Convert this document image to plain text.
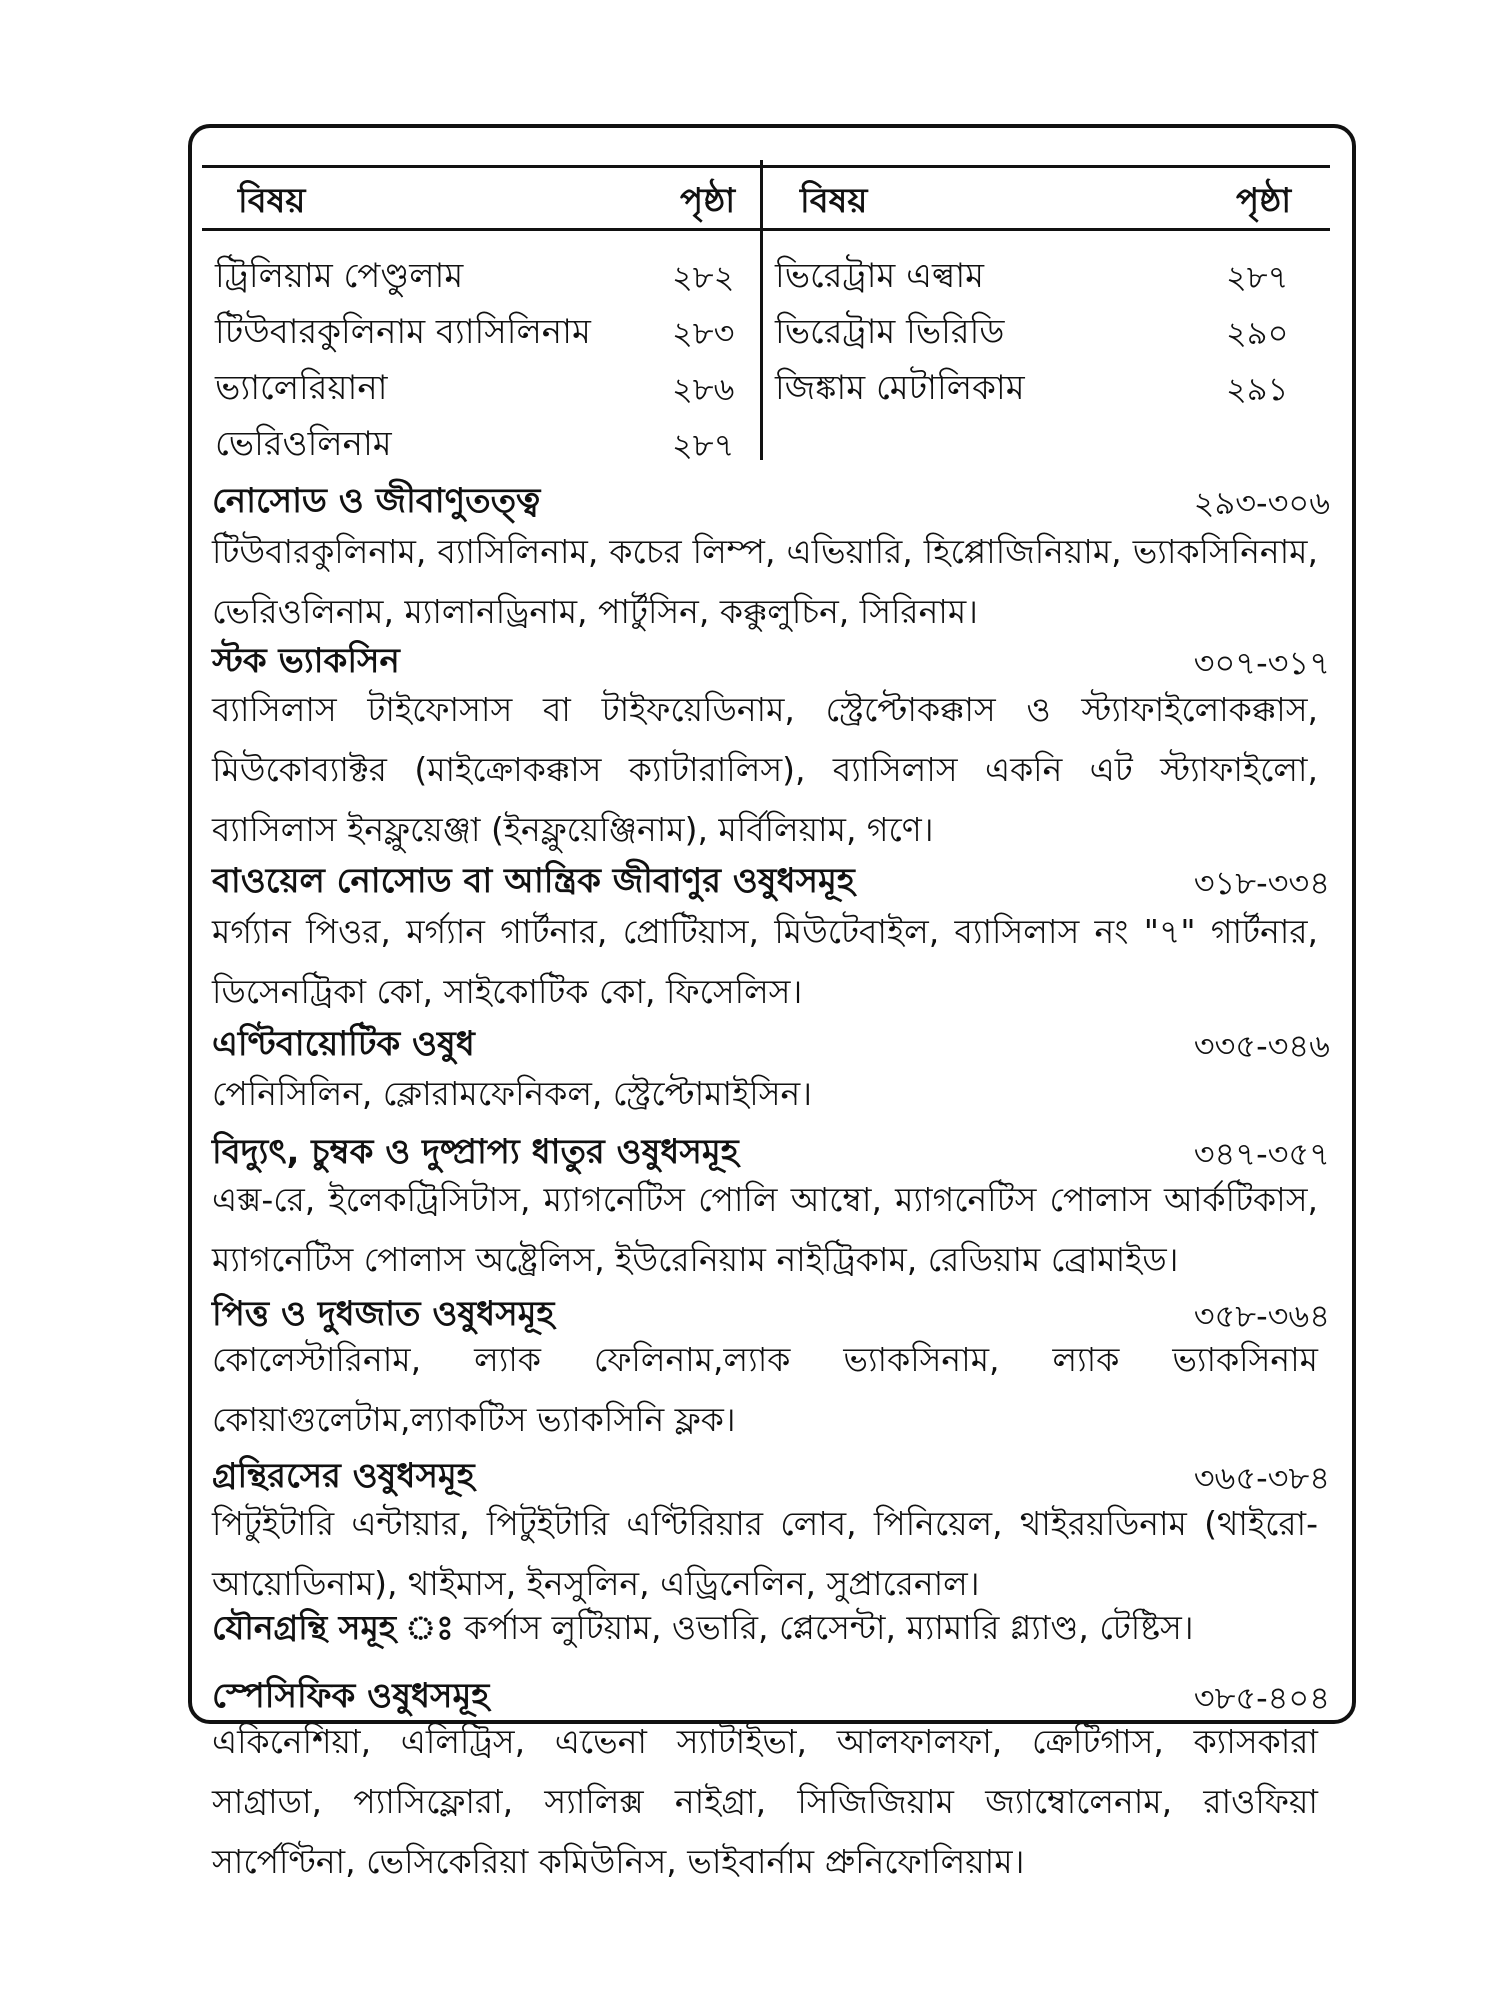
বিষয়	পৃষ্ঠা বিষয়	পৃষ্ঠা
ট্রিলিয়াম পেণ্ডুলাম	২৮২
টিউবারকুলিনাম ব্যাসিলিনাম	২৮৩
ভ্যালেরিয়ানা	২৮৬
ভেরিওলিনাম	২৮৭
ভিরেট্রাম এল্বাম	২৮৭
ভিরেট্রাম ভিরিডি	২৯০
জিঙ্কাম মেটালিকাম	২৯১
নোসোড ও জীবাণুতত্ত্ব	২৯৩-৩০৬
টিউবারকুলিনাম, ব্যাসিলিনাম, কচের লিম্প, এভিয়ারি, হিপ্পোজিনিয়াম, ভ্যাকসিনিনাম, ভেরিওলিনাম, ম্যালানড্রিনাম, পার্টুসিন, কক্কুলুচিন, সিরিনাম।
স্টক ভ্যাকসিন	৩০৭-৩১৭
ব্যাসিলাস টাইফোসাস বা টাইফয়েডিনাম, স্ট্রেপ্টোকক্কাস ও স্ট্যাফাইলোকক্কাস, মিউকোব্যাক্টর (মাইক্রোকক্কাস ক্যাটারালিস), ব্যাসিলাস একনি এট স্ট্যাফাইলো, ব্যাসিলাস ইনফ্লুয়েঞ্জা (ইনফ্লুয়েঞ্জিনাম), মর্বিলিয়াম, গণে।
বাওয়েল নোসোড বা আন্ত্রিক জীবাণুর ওষুধসমূহ	৩১৮-৩৩৪
মর্গ্যান পিওর, মর্গ্যান গার্টনার, প্রোটিয়াস, মিউটেবাইল, ব্যাসিলাস নং "৭" গার্টনার, ডিসেনট্রিকা কো, সাইকোটিক কো, ফিসেলিস।
এণ্টিবায়োটিক ওষুধ	৩৩৫-৩৪৬
পেনিসিলিন, ক্লোরামফেনিকল, স্ট্রেপ্টোমাইসিন।
বিদ্যুৎ, চুম্বক ও দুষ্প্রাপ্য ধাতুর ওষুধসমূহ	৩৪৭-৩৫৭
এক্স-রে, ইলেকট্রিসিটাস, ম্যাগনেটিস পোলি আম্বো, ম্যাগনেটিস পোলাস আর্কটিকাস, ম্যাগনেটিস পোলাস অষ্ট্রেলিস, ইউরেনিয়াম নাইট্রিকাম, রেডিয়াম ব্রোমাইড।
পিত্ত ও দুধজাত ওষুধসমূহ	৩৫৮-৩৬৪
কোলেস্টারিনাম, ল্যাক ফেলিনাম,ল্যাক ভ্যাকসিনাম, ল্যাক ভ্যাকসিনাম কোয়াগুলেটাম,ল্যাকটিস ভ্যাকসিনি ফ্লক।
গ্রন্থিরসের ওষুধসমূহ	৩৬৫-৩৮৪
পিটুইটারি এন্টায়ার, পিটুইটারি এণ্টিরিয়ার লোব, পিনিয়েল, থাইরয়ডিনাম (থাইরো-আয়োডিনাম), থাইমাস, ইনসুলিন, এড্রিনেলিন, সুপ্রারেনাল।
যৌনগ্রন্থি সমূহ ঃ কর্পাস লুটিয়াম, ওভারি, প্লেসেন্টা, ম্যামারি গ্ল্যাণ্ড, টেষ্টিস।
স্পেসিফিক ওষুধসমূহ	৩৮৫-৪০৪
একিনেশিয়া, এলিট্রিস, এভেনা স্যাটাইভা, আলফালফা, ক্রেটিগাস, ক্যাসকারা সাগ্রাডা, প্যাসিফ্লোরা, স্যালিক্স নাইগ্রা, সিজিজিয়াম জ্যাম্বোলেনাম, রাওফিয়া সার্পেণ্টিনা, ভেসিকেরিয়া কমিউনিস, ভাইবার্নাম প্রুনিফোলিয়াম।
